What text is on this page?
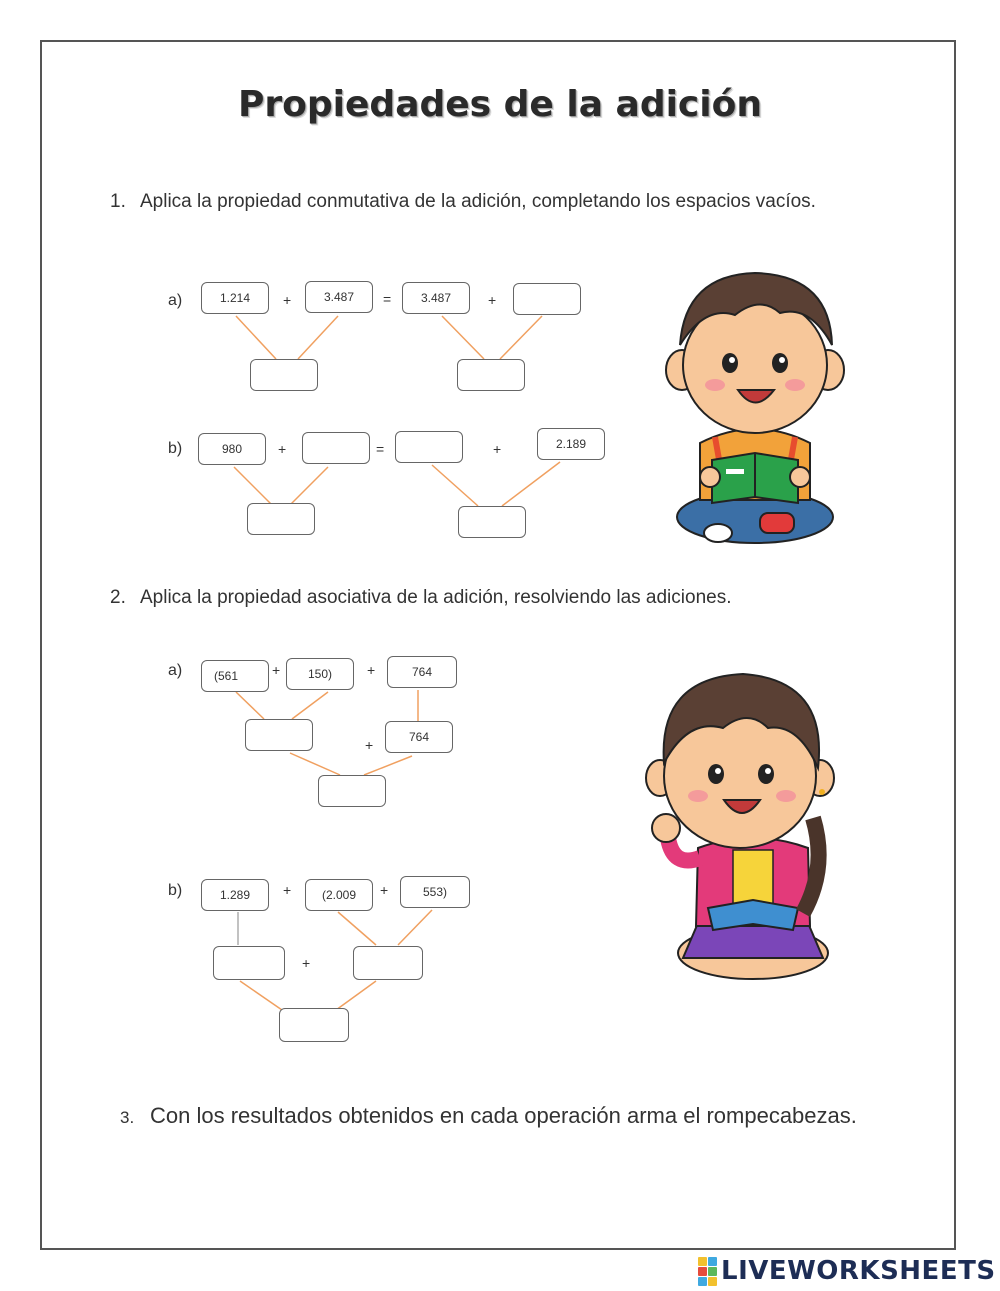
Propiedades de la adición
1. Aplica la propiedad conmutativa de la adición, completando los espacios vacíos.
a)	1.214	+	3.487	=	3.487	+
b)	980	+	=	+	2.189
2. Aplica la propiedad asociativa de la adición, resolviendo las adiciones.
a)	(561	+	150)	+	764
+	764
b)	1.289	+	(2.009	+	553)
+
3. Con los resultados obtenidos en cada operación arma el rompecabezas.
LIVEWORKSHEETS
